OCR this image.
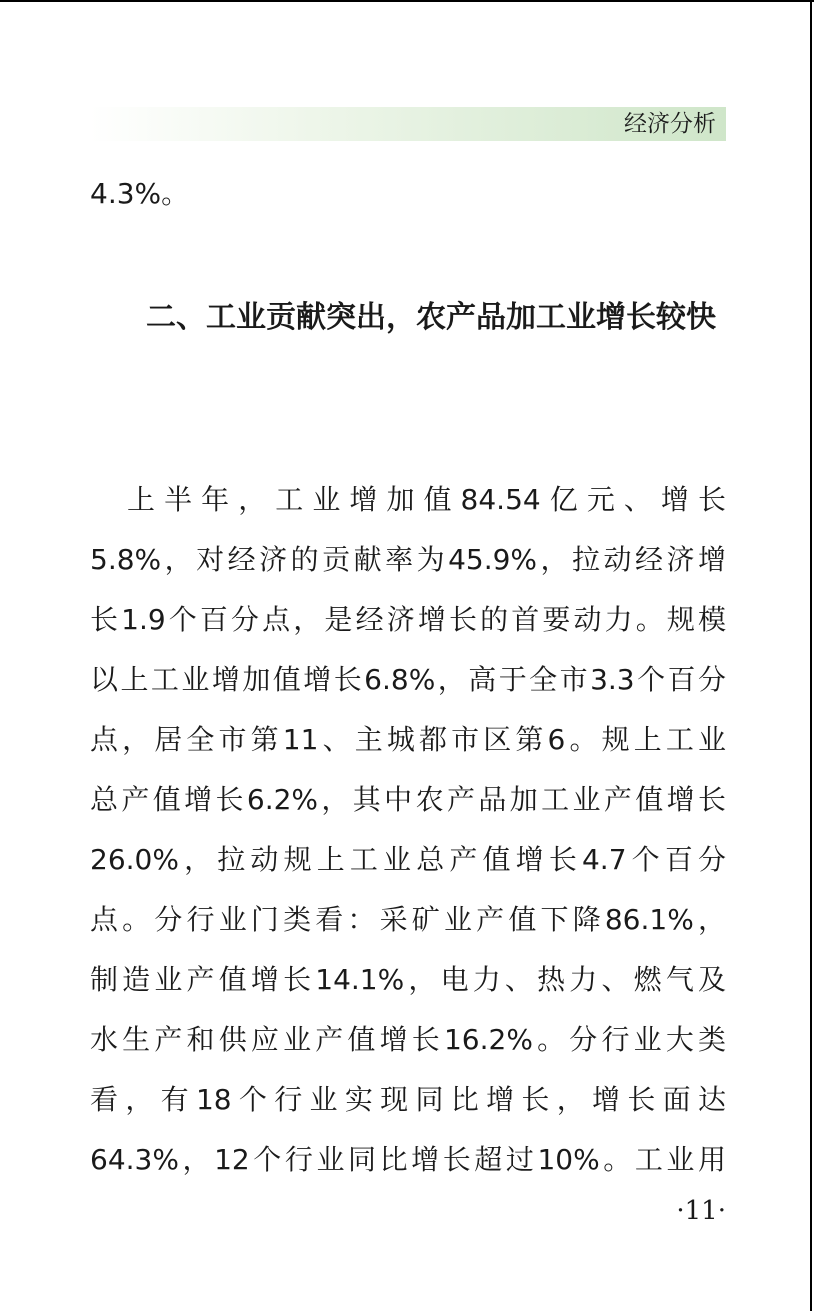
经济分析
4.3%。
二、工业贡献突出，农产品加工业增长较快
　上半年，工业增加值84.54亿元、增长
5.8%，对经济的贡献率为45.9%，拉动经济增
长1.9个百分点，是经济增长的首要动力。规模
以上工业增加值增长6.8%，高于全市3.3个百分
点，居全市第11、主城都市区第6。规上工业
总产值增长6.2%，其中农产品加工业产值增长
26.0%，拉动规上工业总产值增长4.7个百分
点。分行业门类看：采矿业产值下降86.1%，
制造业产值增长14.1%，电力、热力、燃气及
水生产和供应业产值增长16.2%。分行业大类
看，有18个行业实现同比增长，增长面达
64.3%，12个行业同比增长超过10%。工业用
·11·
